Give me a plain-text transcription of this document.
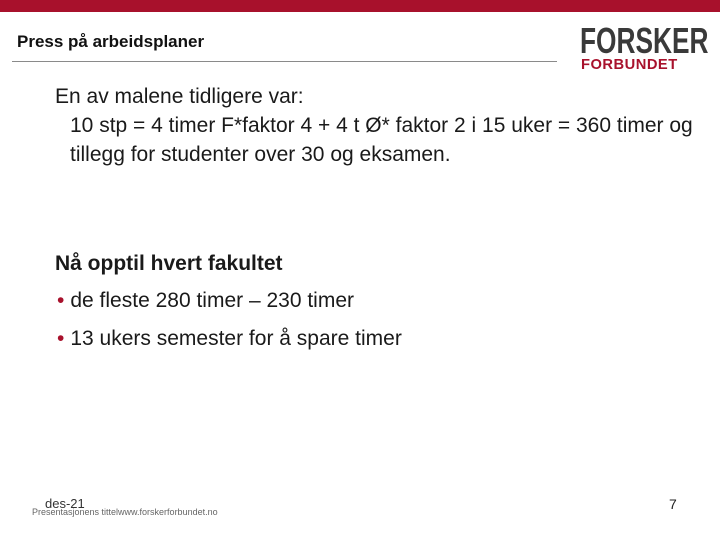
Press på arbeidsplaner	FORSKER
FORBUNDET
En av malene tidligere var:
10 stp = 4 timer F*faktor 4 + 4 t Ø* faktor 2 i 15 uker = 360 timer og tillegg for studenter over 30 og eksamen.
Nå opptil hvert fakultet
• de fleste 280 timer – 230 timer
• 13 ukers semester for å spare timer
des-21
Presentasjonens tittelwww.forskerforbundet.no	7
